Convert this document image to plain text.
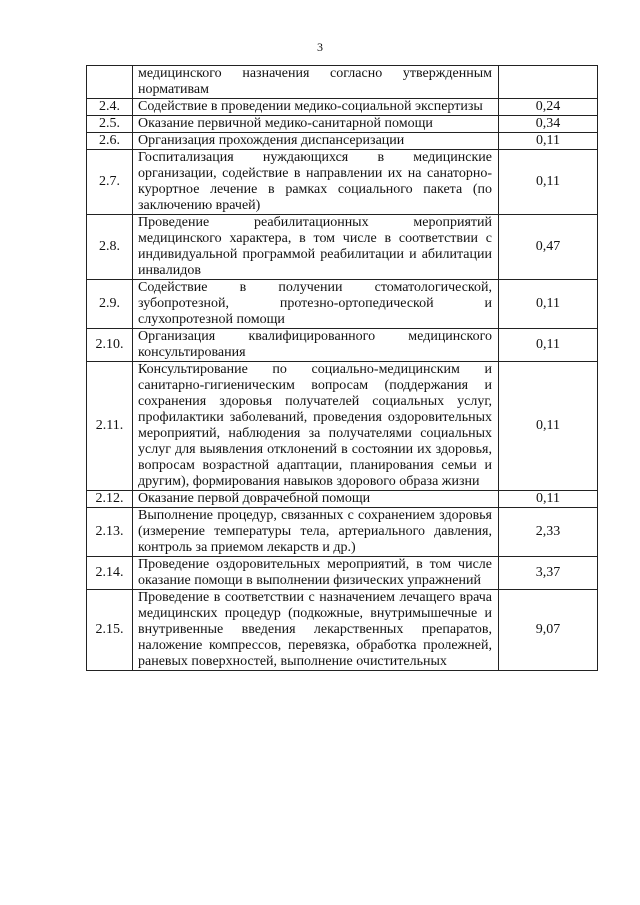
3
	медицинского назначения согласно утвержденным нормативам	
2.4.	Содействие в проведении медико-социальной экспертизы	0,24
2.5.	Оказание первичной медико-санитарной помощи	0,34
2.6.	Организация прохождения диспансеризации	0,11
2.7.	Госпитализация нуждающихся в медицинские организации, содействие в направлении их на санаторно-курортное лечение в рамках социального пакета (по заключению врачей)	0,11
2.8.	Проведение реабилитационных мероприятий медицинского характера, в том числе в соответствии с индивидуальной программой реабилитации и абилитации инвалидов	0,47
2.9.	Содействие в получении стоматологической, зубопротезной, протезно-ортопедической и слухопротезной помощи	0,11
2.10.	Организация квалифицированного медицинского консультирования	0,11
2.11.	Консультирование по социально-медицинским и санитарно-гигиеническим вопросам (поддержания и сохранения здоровья получателей социальных услуг, профилактики заболеваний, проведения оздоровительных мероприятий, наблюдения за получателями социальных услуг для выявления отклонений в состоянии их здоровья, вопросам возрастной адаптации, планирования семьи и другим), формирования навыков здорового образа жизни	0,11
2.12.	Оказание первой доврачебной помощи	0,11
2.13.	Выполнение процедур, связанных с сохранением здоровья (измерение температуры тела, артериального давления, контроль за приемом лекарств и др.)	2,33
2.14.	Проведение оздоровительных мероприятий, в том числе оказание помощи в выполнении физических упражнений	3,37
2.15.	Проведение в соответствии с назначением лечащего врача медицинских процедур (подкожные, внутримышечные и внутривенные введения лекарственных препаратов, наложение компрессов, перевязка, обработка пролежней, раневых поверхностей, выполнение очистительных	9,07
